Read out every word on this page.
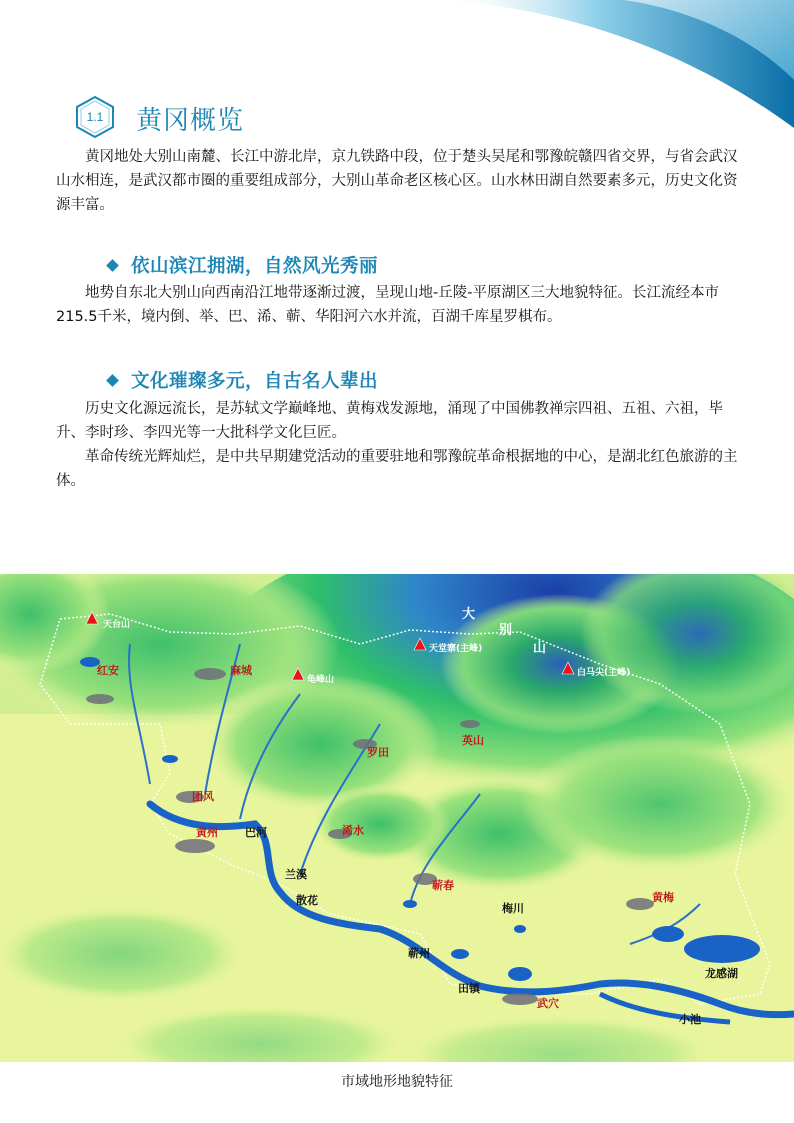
1.1	黄冈概览

黄冈地处大别山南麓、长江中游北岸，京九铁路中段，位于楚头吴尾和鄂豫皖赣四省交界，与省会武汉山水相连，是武汉都市圈的重要组成部分，大别山革命老区核心区。山水林田湖自然要素多元，历史文化资源丰富。

依山滨江拥湖，自然风光秀丽

地势自东北大别山向西南沿江地带逐渐过渡，呈现山地-丘陵-平原湖区三大地貌特征。长江流经本市215.5千米，境内倒、举、巴、浠、蕲、华阳河六水并流，百湖千库星罗棋布。

文化璀璨多元，自古名人辈出

历史文化源远流长，是苏轼文学巅峰地、黄梅戏发源地，涌现了中国佛教禅宗四祖、五祖、六祖，毕升、李时珍、李四光等一大批科学文化巨匠。

革命传统光辉灿烂，是中共早期建党活动的重要驻地和鄂豫皖革命根据地的中心，是湖北红色旅游的主体。

天台山
天堂寨(主峰)
白马尖(主峰)
龟峰山
大
别
山
红安	麻城
罗田
英山
团风
黄州	浠水
蕲春
黄梅
武穴
巴河
兰溪
散花
梅川
蕲州
田镇
龙感湖
小池
市域地形地貌特征
